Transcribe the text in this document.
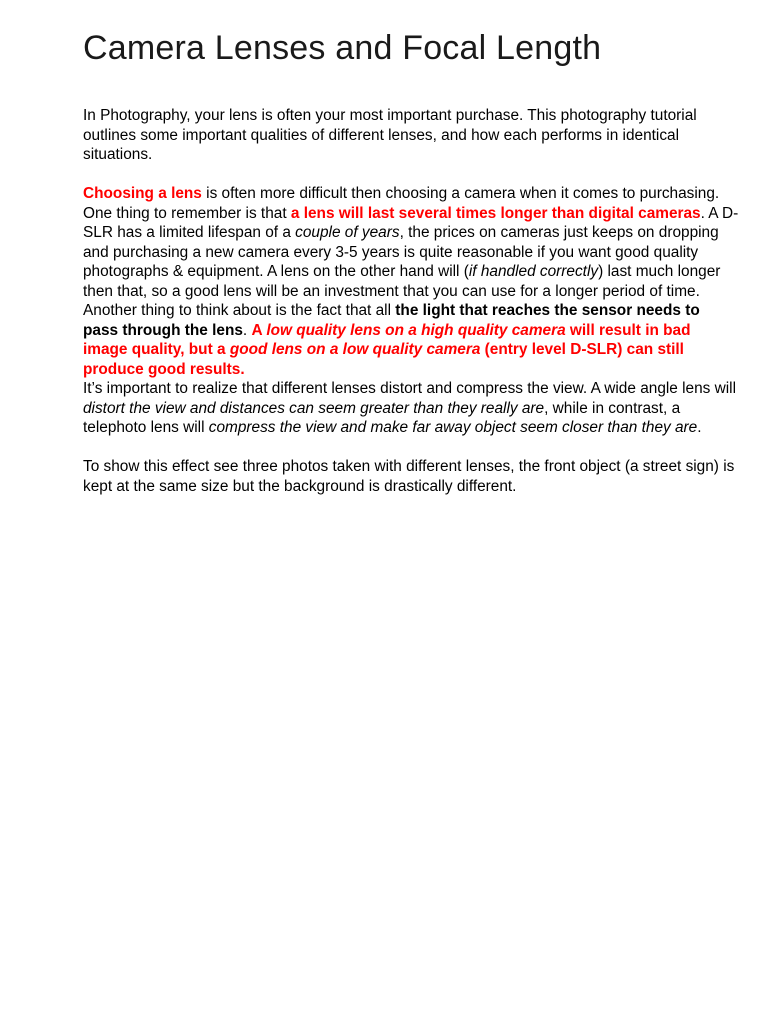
Camera Lenses and Focal Length

In Photography, your lens is often your most important purchase. This photography tutorial outlines some important qualities of different lenses, and how each performs in identical situations.

Choosing a lens is often more difficult then choosing a camera when it comes to purchasing. One thing to remember is that a lens will last several times longer than digital cameras. A D-SLR has a limited lifespan of a couple of years, the prices on cameras just keeps on dropping and purchasing a new camera every 3-5 years is quite reasonable if you want good quality photographs & equipment. A lens on the other hand will (if handled correctly) last much longer then that, so a good lens will be an investment that you can use for a longer period of time. Another thing to think about is the fact that all the light that reaches the sensor needs to pass through the lens. A low quality lens on a high quality camera will result in bad image quality, but a good lens on a low quality camera (entry level D-SLR) can still produce good results.

It’s important to realize that different lenses distort and compress the view. A wide angle lens will distort the view and distances can seem greater than they really are, while in contrast, a telephoto lens will compress the view and make far away object seem closer than they are.

To show this effect see three photos taken with different lenses, the front object (a street sign) is kept at the same size but the background is drastically different.
